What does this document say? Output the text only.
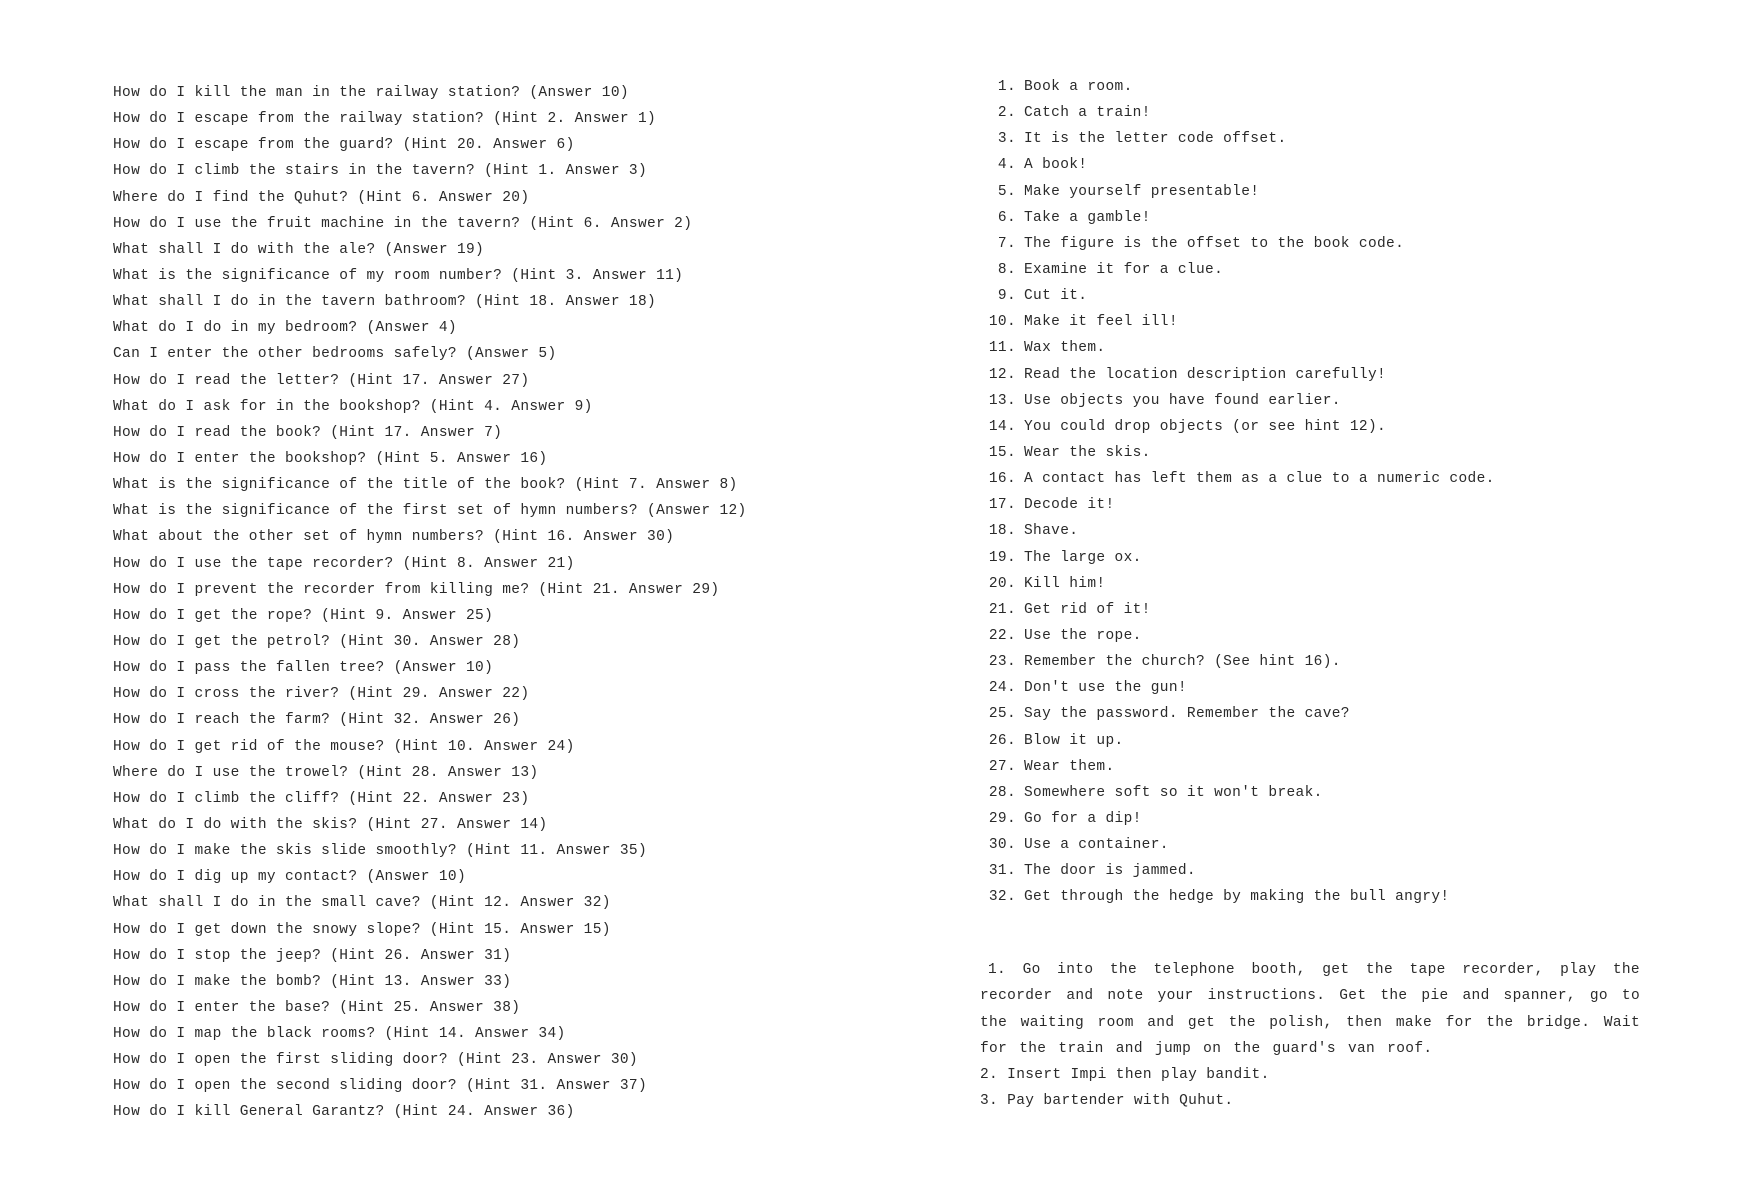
How do I kill the man in the railway station? (Answer 10)
How do I escape from the railway station? (Hint 2. Answer 1)
How do I escape from the guard? (Hint 20. Answer 6)
How do I climb the stairs in the tavern? (Hint 1. Answer 3)
Where do I find the Quhut? (Hint 6. Answer 20)
How do I use the fruit machine in the tavern? (Hint 6. Answer 2)
What shall I do with the ale? (Answer 19)
What is the significance of my room number? (Hint 3. Answer 11)
What shall I do in the tavern bathroom? (Hint 18. Answer 18)
What do I do in my bedroom? (Answer 4)
Can I enter the other bedrooms safely? (Answer 5)
How do I read the letter? (Hint 17. Answer 27)
What do I ask for in the bookshop? (Hint 4. Answer 9)
How do I read the book? (Hint 17. Answer 7)
How do I enter the bookshop? (Hint 5. Answer 16)
What is the significance of the title of the book? (Hint 7. Answer 8)
What is the significance of the first set of hymn numbers? (Answer 12)
What about the other set of hymn numbers? (Hint 16. Answer 30)
How do I use the tape recorder? (Hint 8. Answer 21)
How do I prevent the recorder from killing me? (Hint 21. Answer 29)
How do I get the rope? (Hint 9. Answer 25)
How do I get the petrol? (Hint 30. Answer 28)
How do I pass the fallen tree? (Answer 10)
How do I cross the river? (Hint 29. Answer 22)
How do I reach the farm? (Hint 32. Answer 26)
How do I get rid of the mouse? (Hint 10. Answer 24)
Where do I use the trowel? (Hint 28. Answer 13)
How do I climb the cliff? (Hint 22. Answer 23)
What do I do with the skis? (Hint 27. Answer 14)
How do I make the skis slide smoothly? (Hint 11. Answer 35)
How do I dig up my contact? (Answer 10)
What shall I do in the small cave? (Hint 12. Answer 32)
How do I get down the snowy slope? (Hint 15. Answer 15)
How do I stop the jeep? (Hint 26. Answer 31)
How do I make the bomb? (Hint 13. Answer 33)
How do I enter the base? (Hint 25. Answer 38)
How do I map the black rooms? (Hint 14. Answer 34)
How do I open the first sliding door? (Hint 23. Answer 30)
How do I open the second sliding door? (Hint 31. Answer 37)
How do I kill General Garantz? (Hint 24. Answer 36)
1. Book a room.
2. Catch a train!
3. It is the letter code offset.
4. A book!
5. Make yourself presentable!
6. Take a gamble!
7. The figure is the offset to the book code.
8. Examine it for a clue.
9. Cut it.
10. Make it feel ill!
11. Wax them.
12. Read the location description carefully!
13. Use objects you have found earlier.
14. You could drop objects (or see hint 12).
15. Wear the skis.
16. A contact has left them as a clue to a numeric code.
17. Decode it!
18. Shave.
19. The large ox.
20. Kill him!
21. Get rid of it!
22. Use the rope.
23. Remember the church? (See hint 16).
24. Don't use the gun!
25. Say the password. Remember the cave?
26. Blow it up.
27. Wear them.
28. Somewhere soft so it won't break.
29. Go for a dip!
30. Use a container.
31. The door is jammed.
32. Get through the hedge by making the bull angry!
1. Go into the telephone booth, get the tape recorder, play the recorder and note your instructions. Get the pie and spanner, go to the waiting room and get the polish, then make for the bridge. Wait for the train and jump on the guard's van roof.
2. Insert Impi then play bandit.
3. Pay bartender with Quhut.
